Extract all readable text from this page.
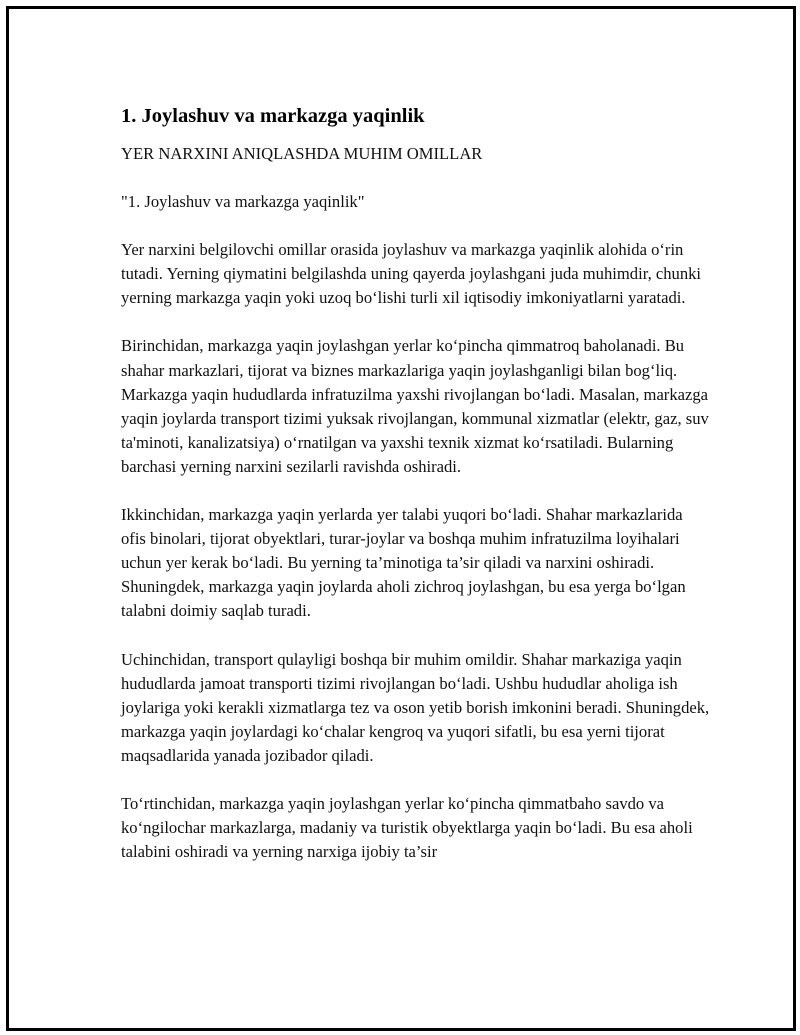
1. Joylashuv va markazga yaqinlik

YER NARXINI ANIQLASHDA MUHIM OMILLAR

"1. Joylashuv va markazga yaqinlik"

Yer narxini belgilovchi omillar orasida joylashuv va markazga yaqinlik alohida o‘rin tutadi. Yerning qiymatini belgilashda uning qayerda joylashgani juda muhimdir, chunki yerning markazga yaqin yoki uzoq bo‘lishi turli xil iqtisodiy imkoniyatlarni yaratadi.

Birinchidan, markazga yaqin joylashgan yerlar ko‘pincha qimmatroq baholanadi. Bu shahar markazlari, tijorat va biznes markazlariga yaqin joylashganligi bilan bog‘liq. Markazga yaqin hududlarda infratuzilma yaxshi rivojlangan bo‘ladi. Masalan, markazga yaqin joylarda transport tizimi yuksak rivojlangan, kommunal xizmatlar (elektr, gaz, suv ta'minoti, kanalizatsiya) o‘rnatilgan va yaxshi texnik xizmat ko‘rsatiladi. Bularning barchasi yerning narxini sezilarli ravishda oshiradi.

Ikkinchidan, markazga yaqin yerlarda yer talabi yuqori bo‘ladi. Shahar markazlarida ofis binolari, tijorat obyektlari, turar-joylar va boshqa muhim infratuzilma loyihalari uchun yer kerak bo‘ladi. Bu yerning ta’minotiga ta’sir qiladi va narxini oshiradi. Shuningdek, markazga yaqin joylarda aholi zichroq joylashgan, bu esa yerga bo‘lgan talabni doimiy saqlab turadi.

Uchinchidan, transport qulayligi boshqa bir muhim omildir. Shahar markaziga yaqin hududlarda jamoat transporti tizimi rivojlangan bo‘ladi. Ushbu hududlar aholiga ish joylariga yoki kerakli xizmatlarga tez va oson yetib borish imkonini beradi. Shuningdek, markazga yaqin joylardagi ko‘chalar kengroq va yuqori sifatli, bu esa yerni tijorat maqsadlarida yanada jozibador qiladi.

To‘rtinchidan, markazga yaqin joylashgan yerlar ko‘pincha qimmatbaho savdo va ko‘ngilochar markazlarga, madaniy va turistik obyektlarga yaqin bo‘ladi. Bu esa aholi talabini oshiradi va yerning narxiga ijobiy ta’sir
